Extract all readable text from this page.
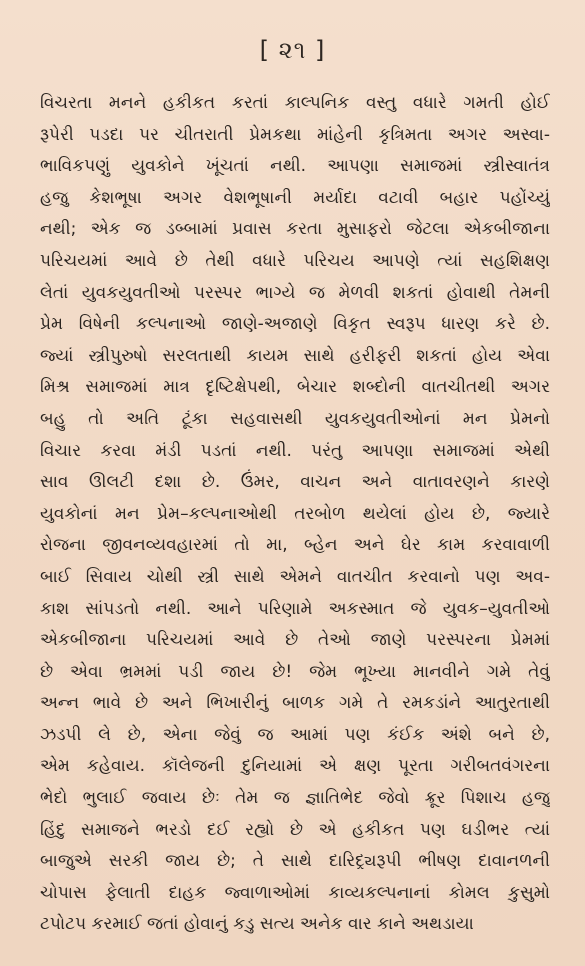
[ ૨૧ ]
વિચરતા મનને હકીકત કરતાં કાલ્પનિક વસ્તુ વધારે ગમતી હોઈ
રૂપેરી પડદા પર ચીતરાતી પ્રેમકથા માંહેની કૃત્રિમતા અગર અસ્વા-
ભાવિકપણું યુવકોને ખૂંચતાં નથી. આપણા સમાજમાં સ્ત્રીસ્વાતંત્ર
હજુ કેશભૂષા અગર વેશભૂષાની મર્યાદા વટાવી બહાર પહોંચ્યું
નથી; એક જ ડબ્બામાં પ્રવાસ કરતા મુસાફરો જેટલા એકબીજાના
પરિચયમાં આવે છે તેથી વધારે પરિચય આપણે ત્યાં સહશિક્ષણ
લેતાં યુવકયુવતીઓ પરસ્પર ભાગ્યે જ મેળવી શકતાં હોવાથી તેમની
પ્રેમ વિષેની કલ્પનાઓ જાણે-અજાણે વિકૃત સ્વરૂપ ધારણ કરે છે.
જ્યાં સ્ત્રીપુરુષો સરલતાથી કાયમ સાથે હરીફરી શકતાં હોય એવા
મિશ્ર સમાજમાં માત્ર દૃષ્ટિક્ષેપથી, બેચાર શબ્દોની વાતચીતથી અગર
બહુ તો અતિ ટૂંકા સહવાસથી યુવકયુવતીઓનાં મન પ્રેમનો
વિચાર કરવા મંડી પડતાં નથી. પરંતુ આપણા સમાજમાં એથી
સાવ ઊલટી દશા છે. ઉંમર, વાચન અને વાતાવરણને કારણે
યુવકોનાં મન પ્રેમ–કલ્પનાઓથી તરબોળ થયેલાં હોય છે, જ્યારે
રોજના જીવનવ્યવહારમાં તો મા, બ્હેન અને ઘેર કામ કરવાવાળી
બાઈ સિવાય ચોથી સ્ત્રી સાથે એમને વાતચીત કરવાનો પણ અવ-
કાશ સાંપડતો નથી. આને પરિણામે અકસ્માત જે યુવક–યુવતીઓ
એકબીજાના પરિચયમાં આવે છે તેઓ જાણે પરસ્પરના પ્રેમમાં
છે એવા ભ્રમમાં પડી જાય છે! જેમ ભૂખ્યા માનવીને ગમે તેવું
અન્ન ભાવે છે અને ભિખારીનું બાળક ગમે તે રમકડાંને આતુરતાથી
ઝડપી લે છે, એના જેવું જ આમાં પણ કંઈક અંશે બને છે,
એમ કહેવાય. કૉલેજની દુનિયામાં એ ક્ષણ પૂરતા ગરીબતવંગરના
ભેદો ભુલાઈ જવાય છેઃ તેમ જ જ્ઞાતિભેદ જેવો ક્રૂર પિશાચ હજુ
હિંદુ સમાજને ભરડો દઈ રહ્યો છે એ હકીકત પણ ઘડીભર ત્યાં
બાજુએ સરકી જાય છે; તે સાથે દારિદ્ર્યરૂપી ભીષણ દાવાનળની
ચોપાસ ફેલાતી દાહક જ્વાળાઓમાં કાવ્યકલ્પનાનાં કોમલ કુસુમો
ટપોટપ કરમાઈ જતાં હોવાનું કડુ સત્ય અનેક વાર કાને અથડાયા
